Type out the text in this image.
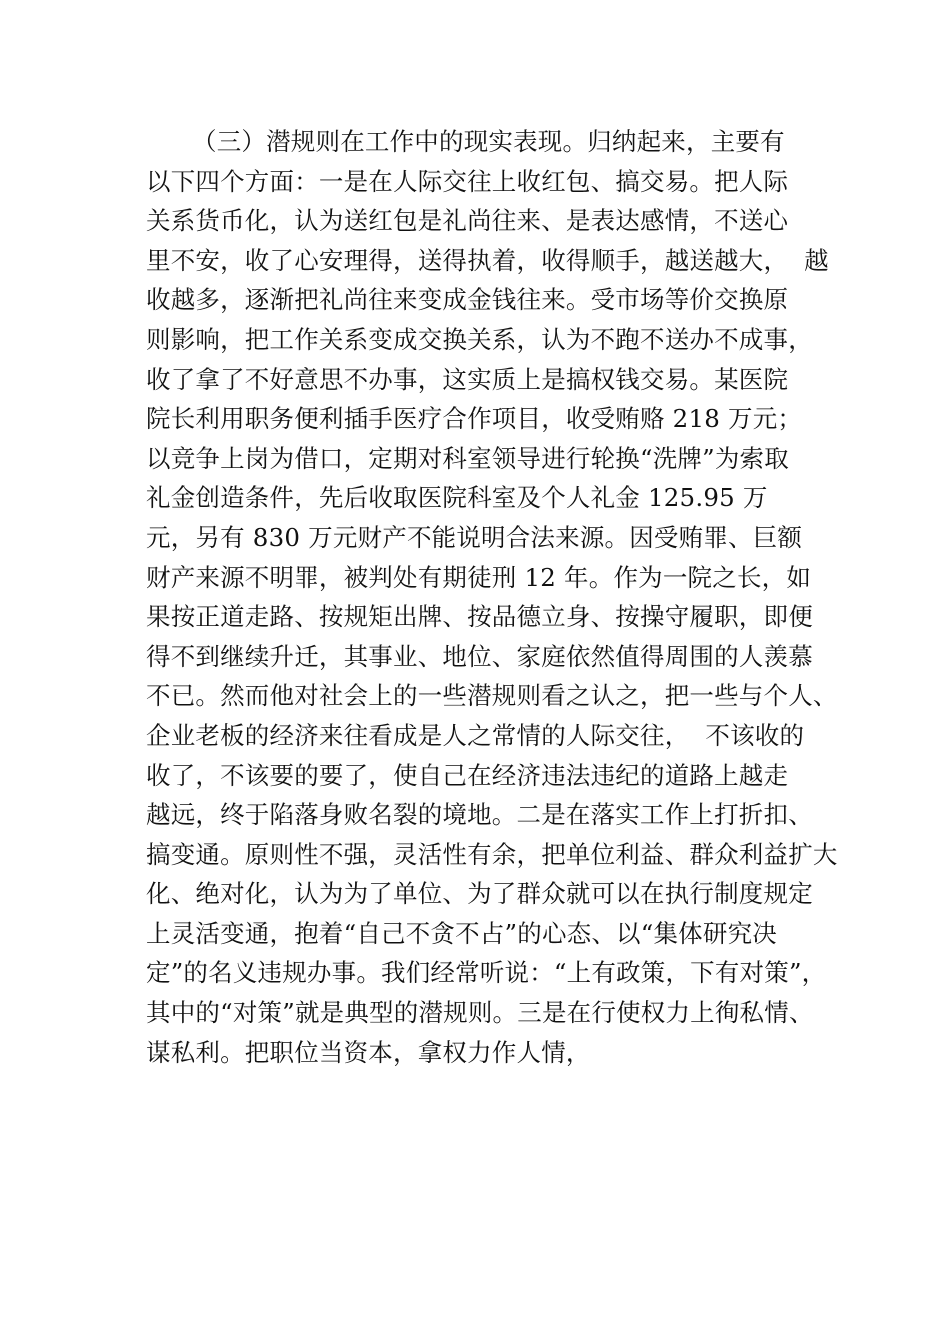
（三）潜规则在工作中的现实表现。归纳起来，主要有
以下四个方面：一是在人际交往上收红包、搞交易。把人际
关系货币化，认为送红包是礼尚往来、是表达感情，不送心
里不安，收了心安理得，送得执着，收得顺手，越送越大，  越
收越多，逐渐把礼尚往来变成金钱往来。受市场等价交换原
则影响，把工作关系变成交换关系，认为不跑不送办不成事，
收了拿了不好意思不办事，这实质上是搞权钱交易。某医院
院长利用职务便利插手医疗合作项目，收受贿赂 218 万元；
以竞争上岗为借口，定期对科室领导进行轮换“洗牌”为索取
礼金创造条件，先后收取医院科室及个人礼金 125.95 万
元，另有 830 万元财产不能说明合法来源。因受贿罪、巨额
财产来源不明罪，被判处有期徒刑 12 年。作为一院之长，如
果按正道走路、按规矩出牌、按品德立身、按操守履职，即便
得不到继续升迁，其事业、地位、家庭依然值得周围的人羡慕
不已。然而他对社会上的一些潜规则看之认之，把一些与个人、
企业老板的经济来往看成是人之常情的人际交往，  不该收的
收了，不该要的要了，使自己在经济违法违纪的道路上越走
越远，终于陷落身败名裂的境地。二是在落实工作上打折扣、
搞变通。原则性不强，灵活性有余，把单位利益、群众利益扩大
化、绝对化，认为为了单位、为了群众就可以在执行制度规定
上灵活变通，抱着“自己不贪不占”的心态、以“集体研究决
定”的名义违规办事。我们经常听说：“上有政策，下有对策”，
其中的“对策”就是典型的潜规则。三是在行使权力上徇私情、
谋私利。把职位当资本，拿权力作人情，
